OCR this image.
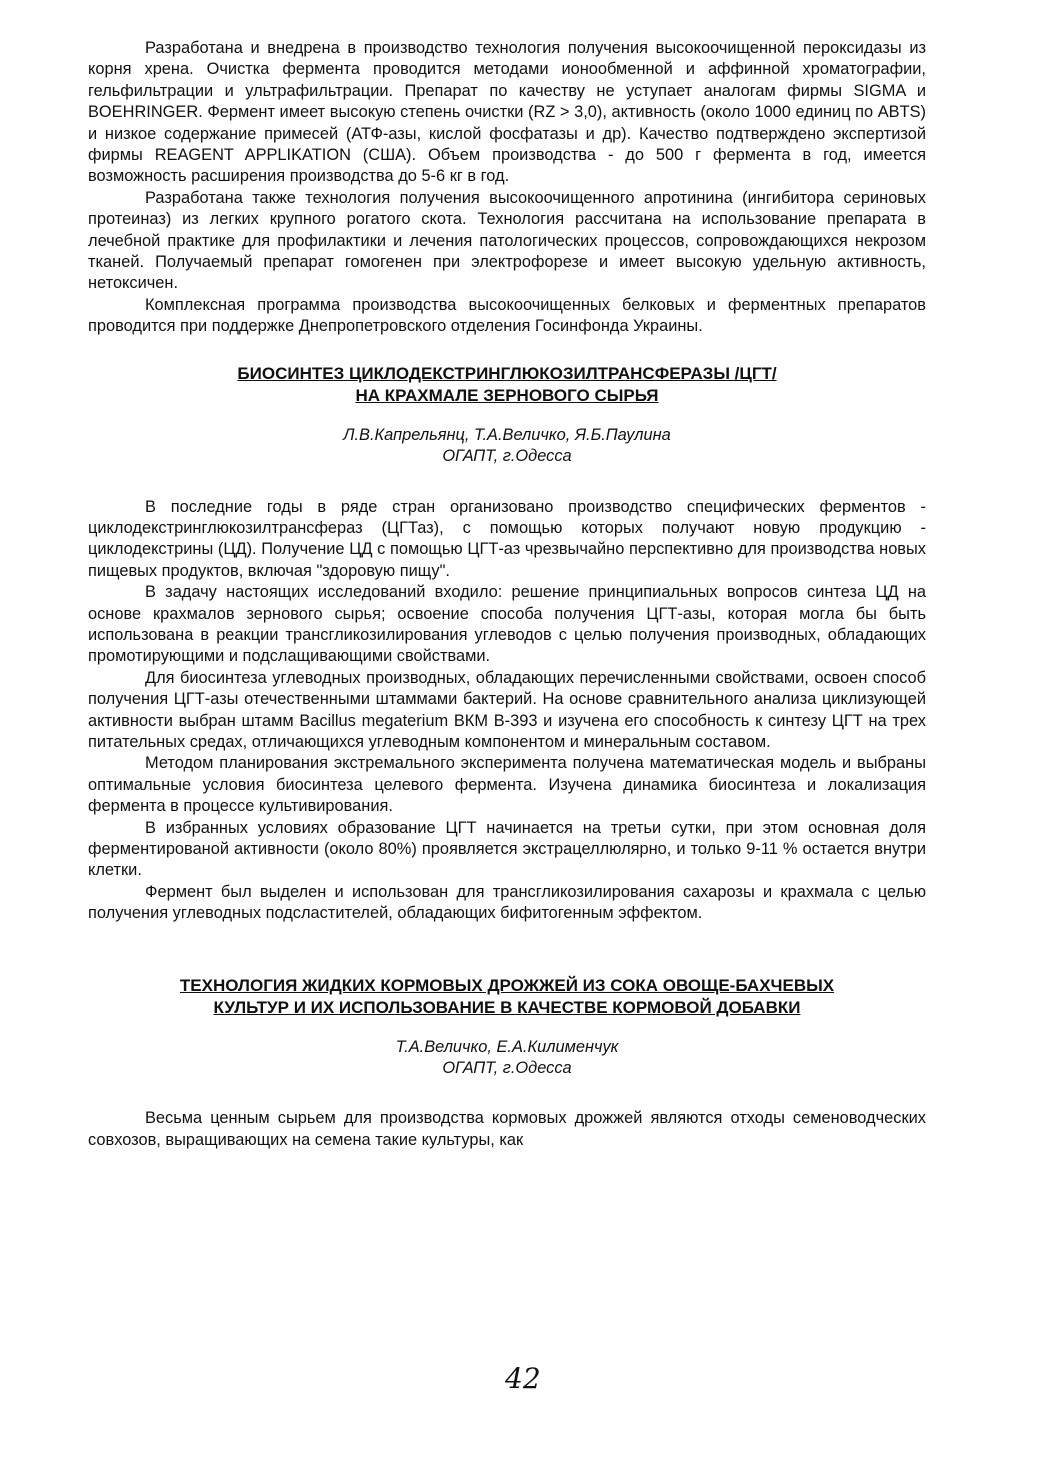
Разработана и внедрена в производство технология получения высокоочищенной пероксидазы из корня хрена. Очистка фермента проводится методами ионообменной и аффинной хроматографии, гельфильтрации и ультрафильтрации. Препарат по качеству не уступает аналогам фирмы SIGMA и BOEHRINGER. Фермент имеет высокую степень очистки (RZ > 3,0), активность (около 1000 единиц по ABTS) и низкое содержание примесей (АТФ-азы, кислой фосфатазы и др). Качество подтверждено экспертизой фирмы REAGENT APPLIKATION (США). Объем производства - до 500 г фермента в год, имеется возможность расширения производства до 5-6 кг в год.

Разработана также технология получения высокоочищенного апротинина (ингибитора сериновых протеиназ) из легких крупного рогатого скота. Технология рассчитана на использование препарата в лечебной практике для профилактики и лечения патологических процессов, сопровождающихся некрозом тканей. Получаемый препарат гомогенен при электрофорезе и имеет высокую удельную активность, нетоксичен.

Комплексная программа производства высокоочищенных белковых и ферментных препаратов проводится при поддержке Днепропетровского отделения Госинфонда Украины.

БИОСИНТЕЗ ЦИКЛОДЕКСТРИНГЛЮКОЗИЛТРАНСФЕРАЗЫ /ЦГТ/
НА КРАХМАЛЕ ЗЕРНОВОГО СЫРЬЯ
Л.В.Капрельянц, Т.А.Величко, Я.Б.Паулина
ОГАПТ, г.Одесса

В последние годы в ряде стран организовано производство специфических ферментов - циклодекстринглюкозилтрансфераз (ЦГТаз), с помощью которых получают новую продукцию - циклодекстрины (ЦД). Получение ЦД с помощью ЦГТ-аз чрезвычайно перспективно для производства новых пищевых продуктов, включая "здоровую пищу".

В задачу настоящих исследований входило: решение принципиальных вопросов синтеза ЦД на основе крахмалов зернового сырья; освоение способа получения ЦГТ-азы, которая могла бы быть использована в реакции трансгликозилирования углеводов с целью получения производных, обладающих промотирующими и подслащивающими свойствами.

Для биосинтеза углеводных производных, обладающих перечисленными свойствами, освоен способ получения ЦГТ-азы отечественными штаммами бактерий. На основе сравнительного анализа циклизующей активности выбран штамм Bacillus megaterium ВКМ В-393 и изучена его способность к синтезу ЦГТ на трех питательных средах, отличающихся углеводным компонентом и минеральным составом.

Методом планирования экстремального эксперимента получена математическая модель и выбраны оптимальные условия биосинтеза целевого фермента. Изучена динамика биосинтеза и локализация фермента в процессе культивирования.

В избранных условиях образование ЦГТ начинается на третьи сутки, при этом основная доля ферментированой активности (около 80%) проявляется экстрацеллюлярно, и только 9-11 % остается внутри клетки.

Фермент был выделен и использован для трансгликозилирования сахарозы и крахмала с целью получения углеводных подсластителей, обладающих бифитогенным эффектом.

ТЕХНОЛОГИЯ ЖИДКИХ КОРМОВЫХ ДРОЖЖЕЙ ИЗ СОКА ОВОЩЕ-БАХЧЕВЫХ
КУЛЬТУР И ИХ ИСПОЛЬЗОВАНИЕ В КАЧЕСТВЕ КОРМОВОЙ ДОБАВКИ
Т.А.Величко, Е.А.Килименчук
ОГАПТ, г.Одесса

Весьма ценным сырьем для производства кормовых дрожжей являются отходы семеноводческих совхозов, выращивающих на семена такие культуры, как

42
